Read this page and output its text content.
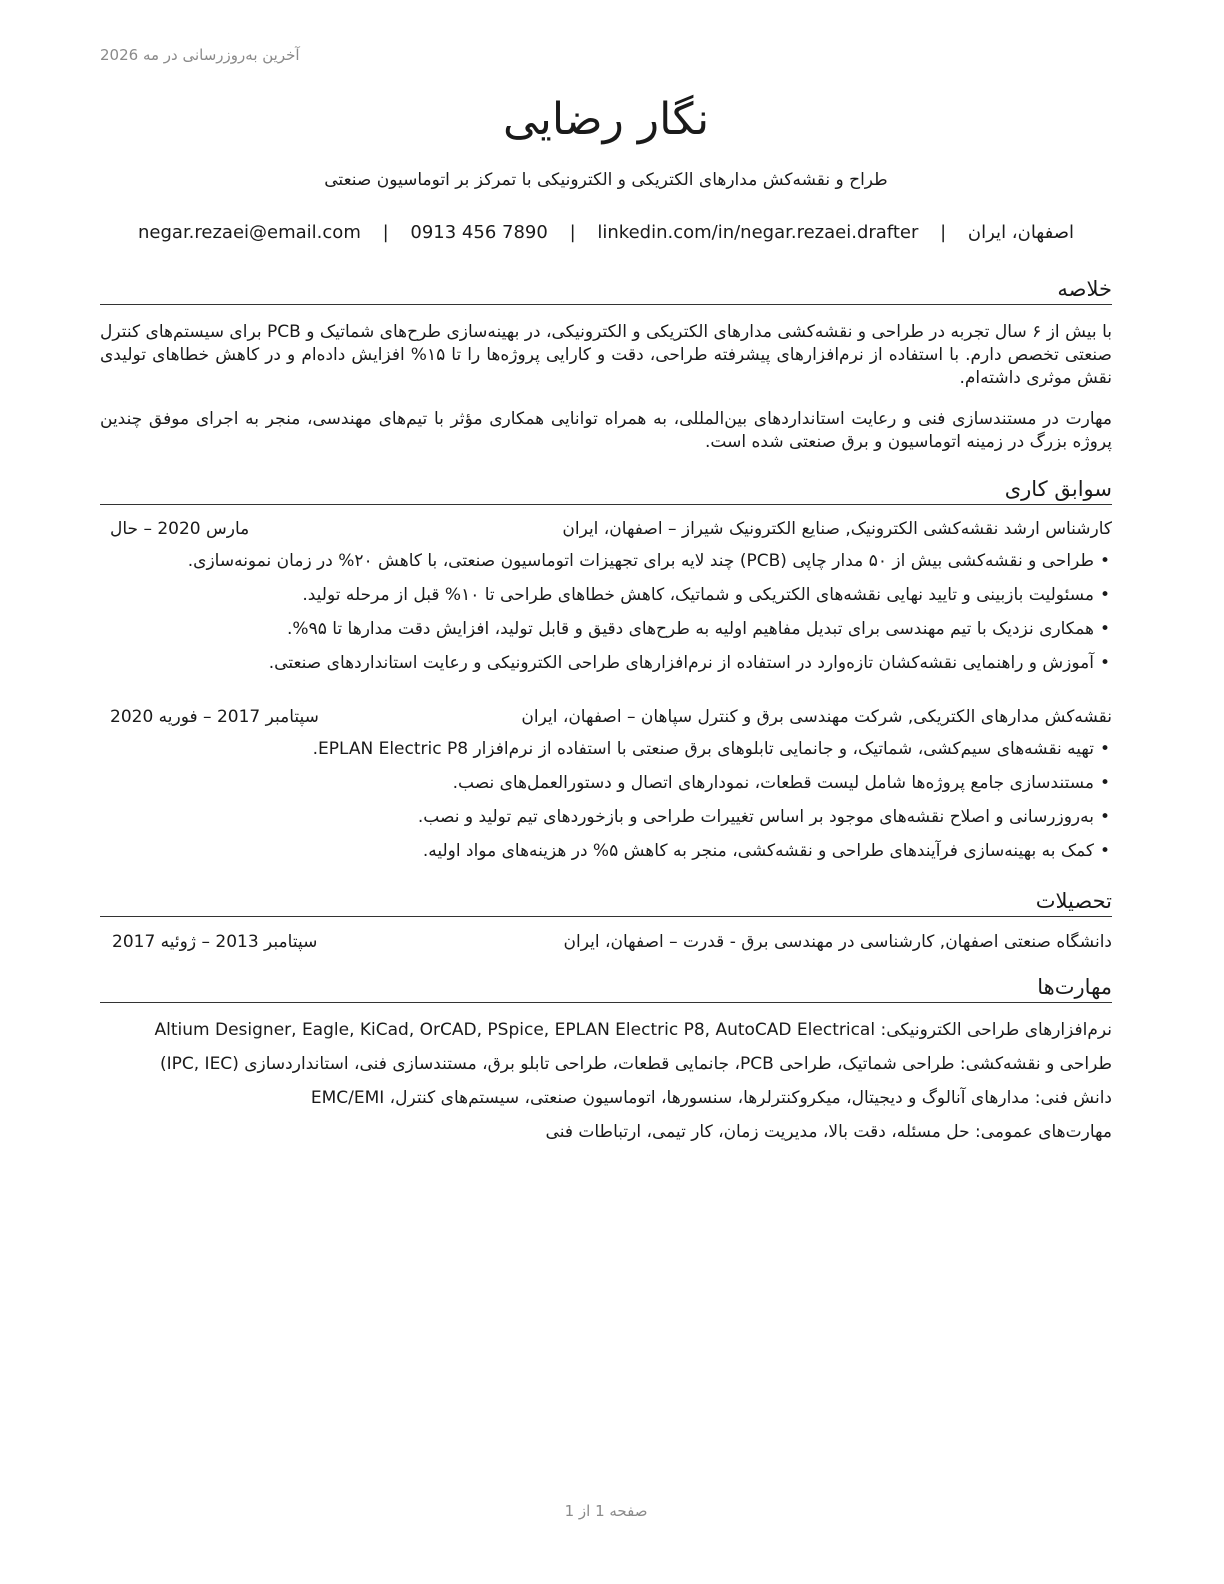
آخرین به‌روزرسانی در مه 2026
نگار رضایی
طراح و نقشه‌کش مدارهای الکتریکی و الکترونیکی با تمرکز بر اتوماسیون صنعتی
اصفهان، ایران | negar.rezaei@email.com | 0913 456 7890 | linkedin.com/in/negar.rezaei.drafter
خلاصه
با بیش از ۶ سال تجربه در طراحی و نقشه‌کشی مدارهای الکتریکی و الکترونیکی، در بهینه‌سازی طرح‌های شماتیک و PCB برای سیستم‌های کنترل صنعتی تخصص دارم. با استفاده از نرم‌افزارهای پیشرفته طراحی، دقت و کارایی پروژه‌ها را تا ۱۵% افزایش داده‌ام و در کاهش خطاهای تولیدی نقش موثری داشته‌ام.
مهارت در مستندسازی فنی و رعایت استانداردهای بین‌المللی، به همراه توانایی همکاری مؤثر با تیم‌های مهندسی، منجر به اجرای موفق چندین پروژه بزرگ در زمینه اتوماسیون و برق صنعتی شده است.
سوابق کاری
کارشناس ارشد نقشه‌کشی الکترونیک, صنایع الکترونیک شیراز – اصفهان، ایران
مارس 2020 – حال
• طراحی و نقشه‌کشی بیش از ۵۰ مدار چاپی (PCB) چند لایه برای تجهیزات اتوماسیون صنعتی، با کاهش ۲۰% در زمان نمونه‌سازی.
• مسئولیت بازبینی و تایید نهایی نقشه‌های الکتریکی و شماتیک، کاهش خطاهای طراحی تا ۱۰% قبل از مرحله تولید.
• همکاری نزدیک با تیم مهندسی برای تبدیل مفاهیم اولیه به طرح‌های دقیق و قابل تولید، افزایش دقت مدارها تا ۹۵%.
• آموزش و راهنمایی نقشه‌کشان تازه‌وارد در استفاده از نرم‌افزارهای طراحی الکترونیکی و رعایت استانداردهای صنعتی.
نقشه‌کش مدارهای الکتریکی, شرکت مهندسی برق و کنترل سپاهان – اصفهان، ایران
سپتامبر 2017 – فوریه 2020
• تهیه نقشه‌های سیم‌کشی، شماتیک، و جانمایی تابلوهای برق صنعتی با استفاده از نرم‌افزار EPLAN Electric P8.
• مستندسازی جامع پروژه‌ها شامل لیست قطعات، نمودارهای اتصال و دستورالعمل‌های نصب.
• به‌روزرسانی و اصلاح نقشه‌های موجود بر اساس تغییرات طراحی و بازخوردهای تیم تولید و نصب.
• کمک به بهینه‌سازی فرآیندهای طراحی و نقشه‌کشی، منجر به کاهش ۵% در هزینه‌های مواد اولیه.
تحصیلات
دانشگاه صنعتی اصفهان, کارشناسی در مهندسی برق - قدرت – اصفهان، ایران
سپتامبر 2013 – ژوئیه 2017
مهارت‌ها
نرم‌افزارهای طراحی الکترونیکی: Altium Designer, Eagle, KiCad, OrCAD, PSpice, EPLAN Electric P8, AutoCAD Electrical
طراحی و نقشه‌کشی: طراحی شماتیک، طراحی PCB، جانمایی قطعات، طراحی تابلو برق، مستندسازی فنی، استانداردسازی (IPC, IEC)
دانش فنی: مدارهای آنالوگ و دیجیتال، میکروکنترلرها، سنسورها، اتوماسیون صنعتی، سیستم‌های کنترل، EMC/EMI
مهارت‌های عمومی: حل مسئله، دقت بالا، مدیریت زمان، کار تیمی، ارتباطات فنی
صفحه 1 از 1
